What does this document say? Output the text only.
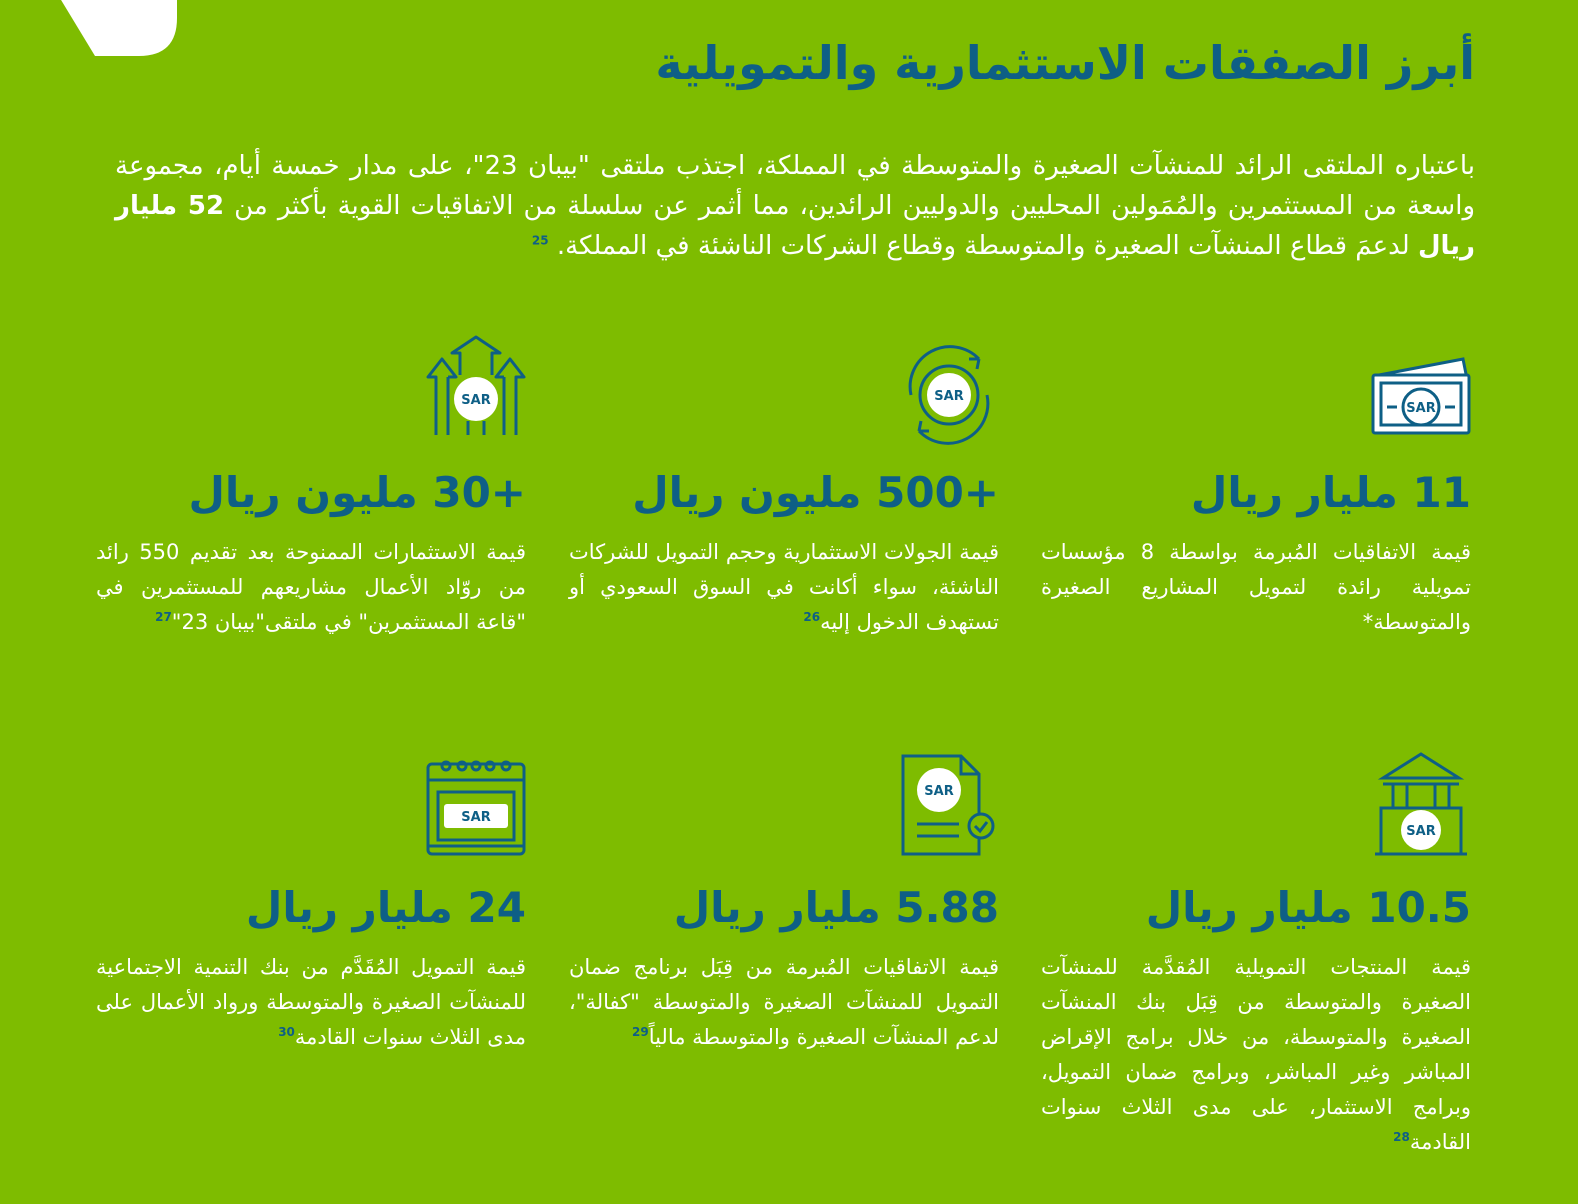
أبرز الصفقات الاستثمارية والتمويلية

باعتباره الملتقى الرائد للمنشآت الصغيرة والمتوسطة في المملكة، اجتذب ملتقى "بيبان 23"، على مدار خمسة أيام، مجموعة واسعة من المستثمرين والمُمَولين المحليين والدوليين الرائدين، مما أثمر عن سلسلة من الاتفاقيات القوية بأكثر من 52 مليار ريال لدعمَ قطاع المنشآت الصغيرة والمتوسطة وقطاع الشركات الناشئة في المملكة. $^{25}$

SAR

11 مليار ريال

قيمة الاتفاقيات المُبرمة بواسطة 8 مؤسسات تمويلية رائدة لتمويل المشاريع الصغيرة والمتوسطة*

SAR

+500 مليون ريال

قيمة الجولات الاستثمارية وحجم التمويل للشركات الناشئة، سواء أكانت في السوق السعودي أو تستهدف الدخول إليه$^{26}$

SAR

+30 مليون ريال

قيمة الاستثمارات الممنوحة بعد تقديم 550 رائد من روّاد الأعمال مشاريعهم للمستثمرين في "قاعة المستثمرين" في ملتقى"بيبان 23"$^{27}$

SAR

10.5 مليار ريال

قيمة المنتجات التمويلية المُقدَّمة للمنشآت الصغيرة والمتوسطة من قِبَل بنك المنشآت الصغيرة والمتوسطة، من خلال برامج الإقراض المباشر وغير المباشر، وبرامج ضمان التمويل، وبرامج الاستثمار، على مدى الثلاث سنوات القادمة$^{28}$

SAR

5.88 مليار ريال

قيمة الاتفاقيات المُبرمة من قِبَل برنامج ضمان التمويل للمنشآت الصغيرة والمتوسطة "كفالة"، لدعم المنشآت الصغيرة والمتوسطة مالياً$^{29}$

SAR

24 مليار ريال

قيمة التمويل المُقَدَّم من بنك التنمية الاجتماعية للمنشآت الصغيرة والمتوسطة ورواد الأعمال على مدى الثلاث سنوات القادمة$^{30}$
